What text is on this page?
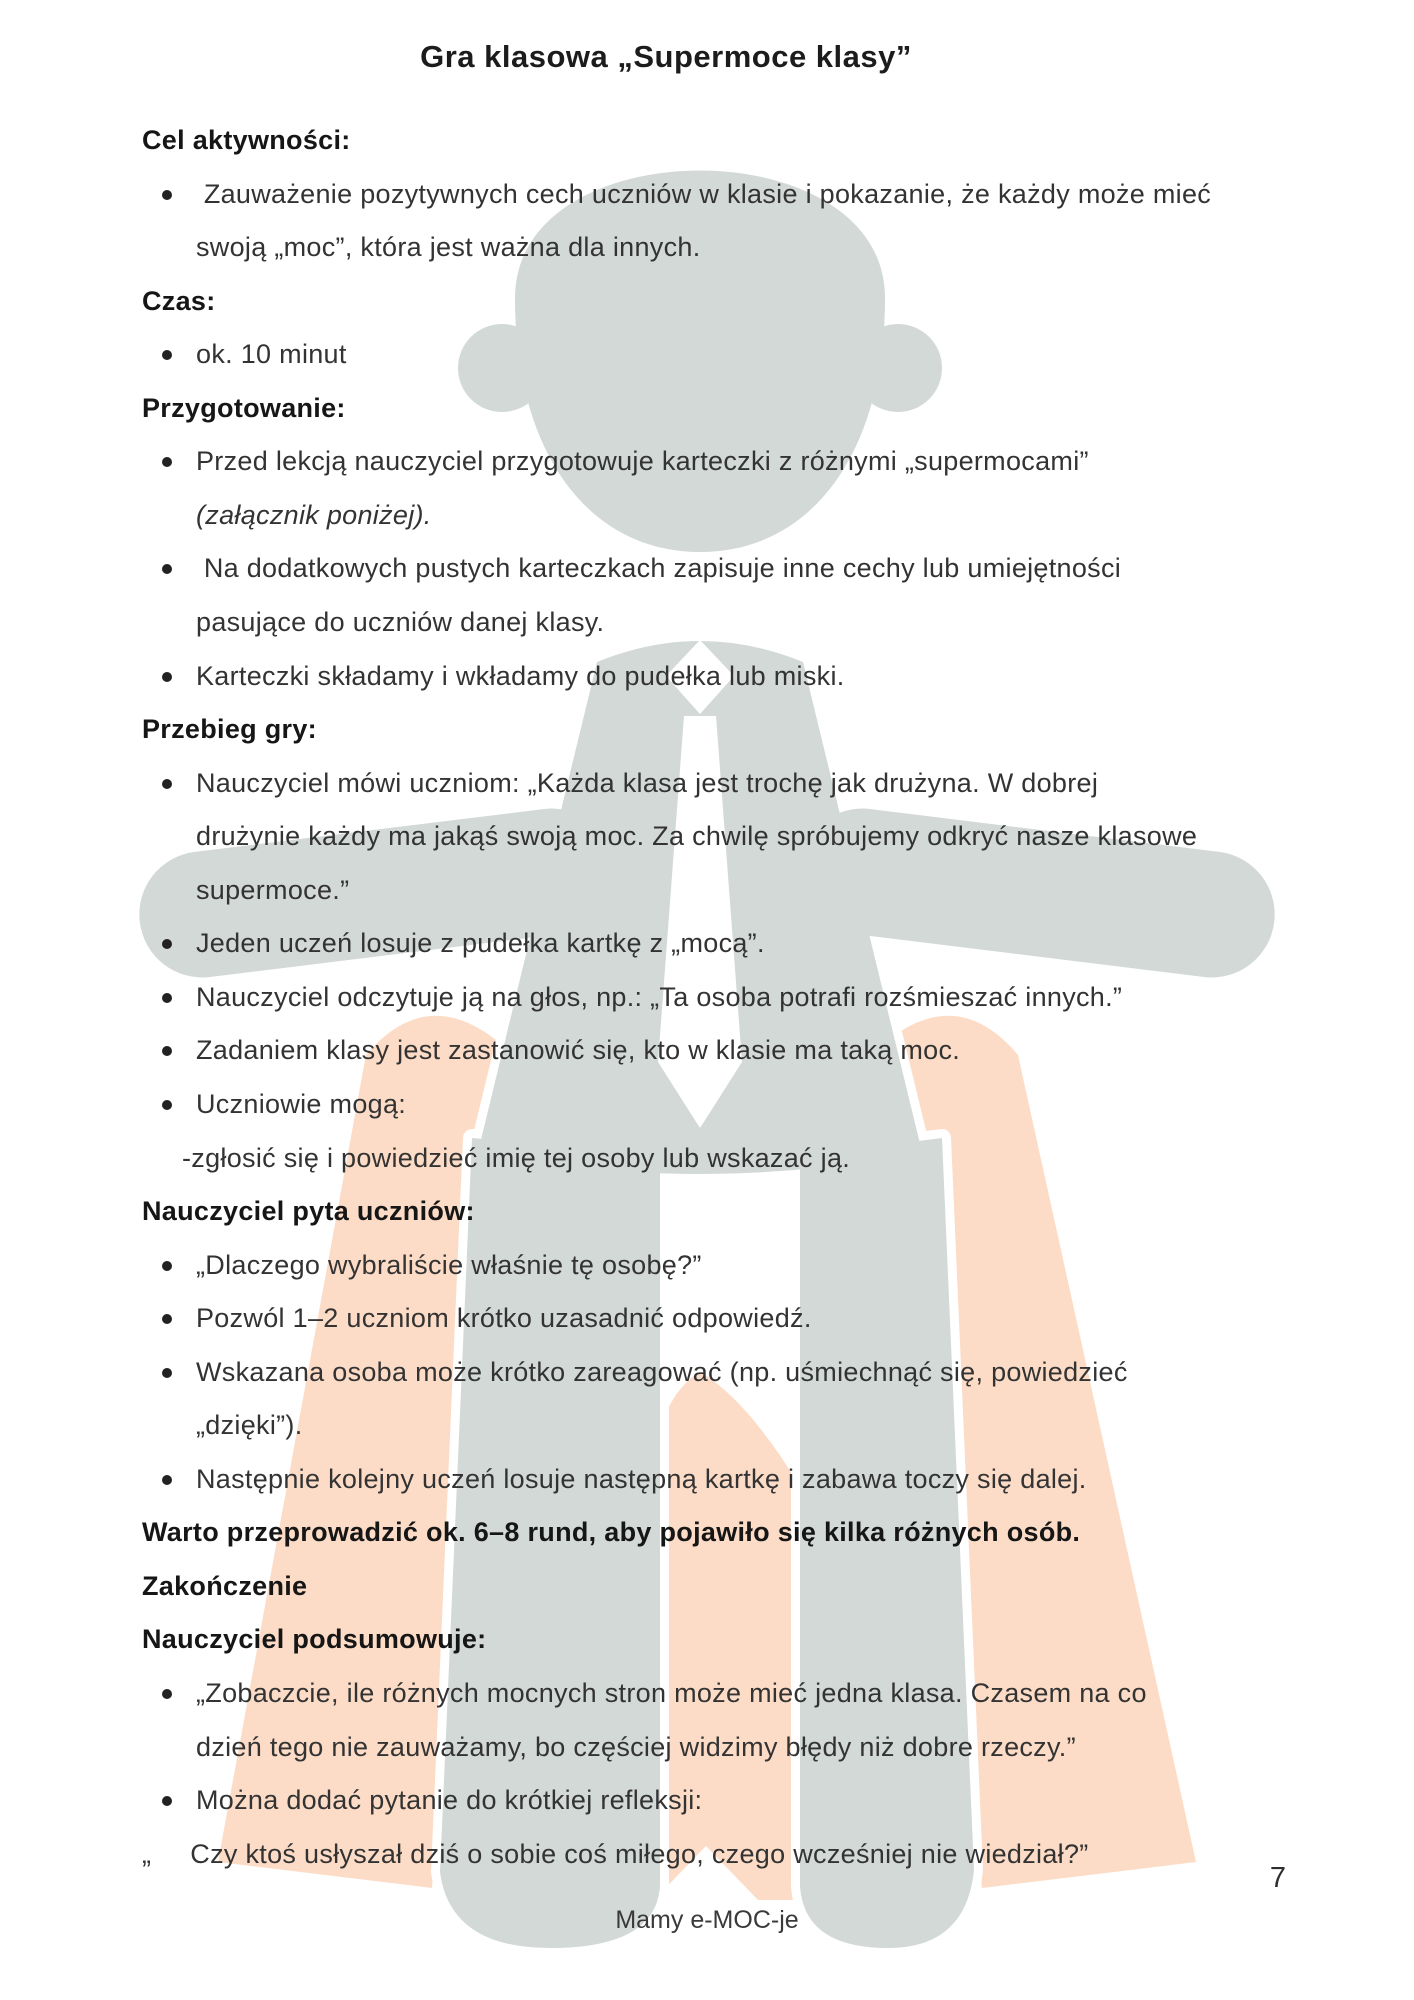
Gra klasowa „Supermoce klasy”
Cel aktywności:
Zauważenie pozytywnych cech uczniów w klasie i pokazanie, że każdy może mieć
swoją „moc”, która jest ważna dla innych.
Czas:
ok. 10 minut
Przygotowanie:
Przed lekcją nauczyciel przygotowuje karteczki z różnymi „supermocami”
(załącznik poniżej).
Na dodatkowych pustych karteczkach zapisuje inne cechy lub umiejętności
pasujące do uczniów danej klasy.
Karteczki składamy i wkładamy do pudełka lub miski.
Przebieg gry:
Nauczyciel mówi uczniom: „Każda klasa jest trochę jak drużyna. W dobrej
drużynie każdy ma jakąś swoją moc. Za chwilę spróbujemy odkryć nasze klasowe
supermoce.”
Jeden uczeń losuje z pudełka kartkę z „mocą”.
Nauczyciel odczytuje ją na głos, np.: „Ta osoba potrafi rozśmieszać innych.”
Zadaniem klasy jest zastanowić się, kto w klasie ma taką moc.
Uczniowie mogą:
-zgłosić się i powiedzieć imię tej osoby lub wskazać ją.
Nauczyciel pyta uczniów:
„Dlaczego wybraliście właśnie tę osobę?”
Pozwól 1–2 uczniom krótko uzasadnić odpowiedź.
Wskazana osoba może krótko zareagować (np. uśmiechnąć się, powiedzieć
„dzięki”).
Następnie kolejny uczeń losuje następną kartkę i zabawa toczy się dalej.
Warto przeprowadzić ok. 6–8 rund, aby pojawiło się kilka różnych osób.
Zakończenie
Nauczyciel podsumowuje:
„Zobaczcie, ile różnych mocnych stron może mieć jedna klasa. Czasem na co
dzień tego nie zauważamy, bo częściej widzimy błędy niż dobre rzeczy.”
Można dodać pytanie do krótkiej refleksji:
„     Czy ktoś usłyszał dziś o sobie coś miłego, czego wcześniej nie wiedział?”
7
Mamy e-MOC-je
